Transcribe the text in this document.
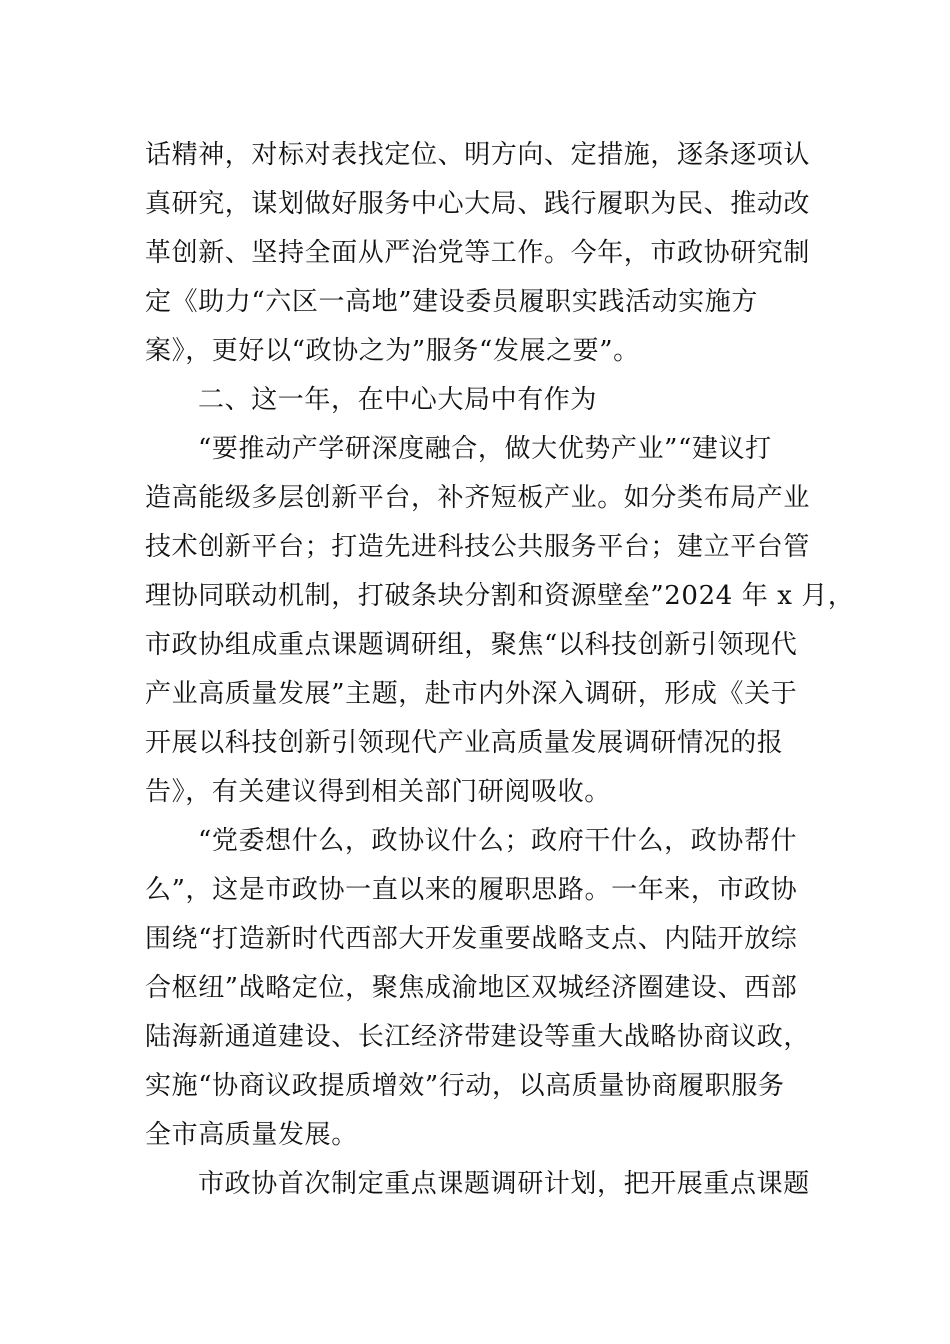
话精神，对标对表找定位、明方向、定措施，逐条逐项认
真研究，谋划做好服务中心大局、践行履职为民、推动改
革创新、坚持全面从严治党等工作。今年，市政协研究制
定《助力“六区一高地”建设委员履职实践活动实施方
案》，更好以“政协之为”服务“发展之要”。
二、这一年，在中心大局中有作为
“要推动产学研深度融合，做大优势产业”“建议打
造高能级多层创新平台，补齐短板产业。如分类布局产业
技术创新平台；打造先进科技公共服务平台；建立平台管
理协同联动机制，打破条块分割和资源壁垒”2024 年 x 月，
市政协组成重点课题调研组，聚焦“以科技创新引领现代
产业高质量发展”主题，赴市内外深入调研，形成《关于
开展以科技创新引领现代产业高质量发展调研情况的报
告》，有关建议得到相关部门研阅吸收。
“党委想什么，政协议什么；政府干什么，政协帮什
么”，这是市政协一直以来的履职思路。一年来，市政协
围绕“打造新时代西部大开发重要战略支点、内陆开放综
合枢纽”战略定位，聚焦成渝地区双城经济圈建设、西部
陆海新通道建设、长江经济带建设等重大战略协商议政，
实施“协商议政提质增效”行动，以高质量协商履职服务
全市高质量发展。
市政协首次制定重点课题调研计划，把开展重点课题
